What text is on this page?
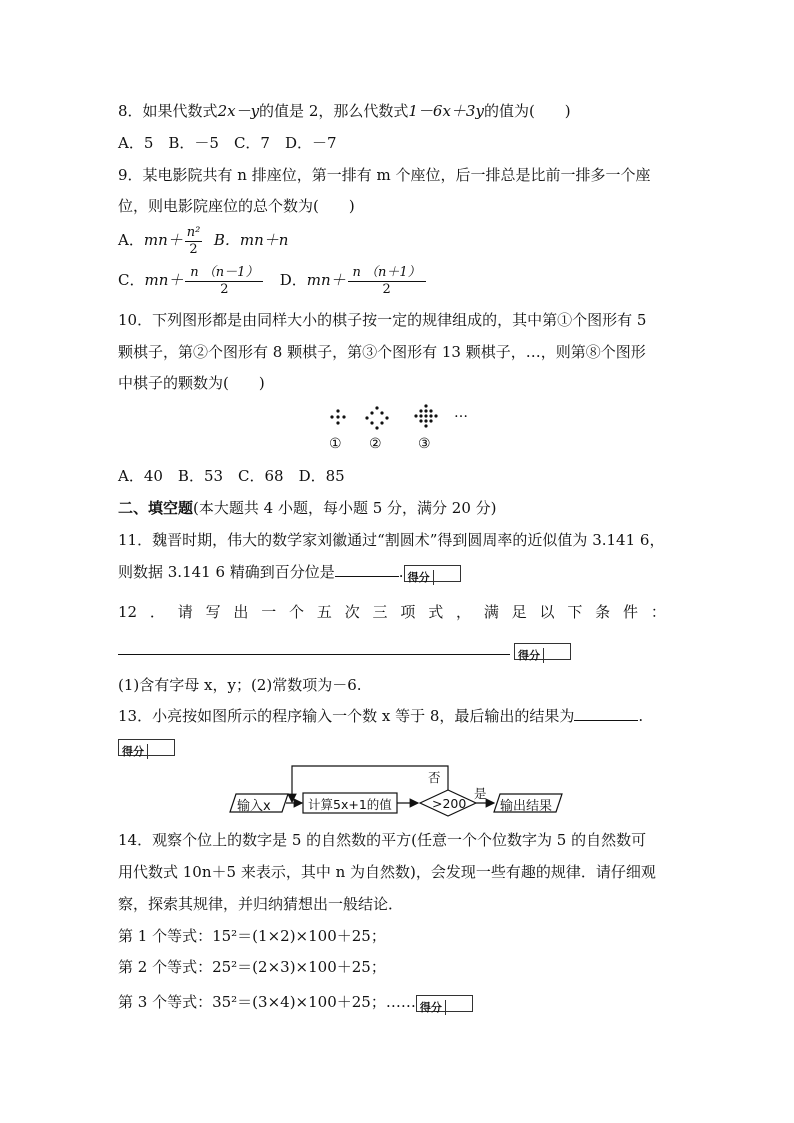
8．如果代数式2x－y的值是 2，那么代数式1－6x＋3y的值为(　　)
A．5　B．－5　C．7　D．－7
9．某电影院共有 n 排座位，第一排有 m 个座位，后一排总是比前一排多一个座
位，则电影院座位的总个数为(　　)
A．$mn+ \frac{\text{n²}}{2}$ B．mn＋n
C．$mn+ \frac{n (n-1)}{2}$ D．$mn+ \frac{n (n+1)}{2}$
10．下列图形都是由同样大小的棋子按一定的规律组成的，其中第①个图形有 5
颗棋子，第②个图形有 8 颗棋子，第③个图形有 13 颗棋子，…，则第⑧个图形
中棋子的颗数为(　　)
…
① ②	③
A．40　B．53　C．68　D．85
二、填空题(本大题共 4 小题，每小题 5 分，满分 20 分)
11．魏晋时期，伟大的数学家刘徽通过“割圆术”得到圆周率的近似值为 3.141 6，
则数据 3.141 6 精确到百分位是	. 得分
12 ． 请 写 出 一 个 五 次 三 项 式 ， 满 足 以 下 条 件 ：
得分
(1)含有字母 x，y；(2)常数项为－6.
13．小亮按如图所示的程序输入一个数 x 等于 8，最后输出的结果为	.
得分
输入x	计算5x+1的值	>200
是
否
输出结果
14．观察个位上的数字是 5 的自然数的平方(任意一个个位数字为 5 的自然数可
用代数式 10n＋5 来表示，其中 n 为自然数)，会发现一些有趣的规律．请仔细观
察，探索其规律，并归纳猜想出一般结论．
第 1 个等式：15²＝(1×2)×100＋25；
第 2 个等式：25²＝(2×3)×100＋25；
第 3 个等式：35²＝(3×4)×100＋25；…… 得分
